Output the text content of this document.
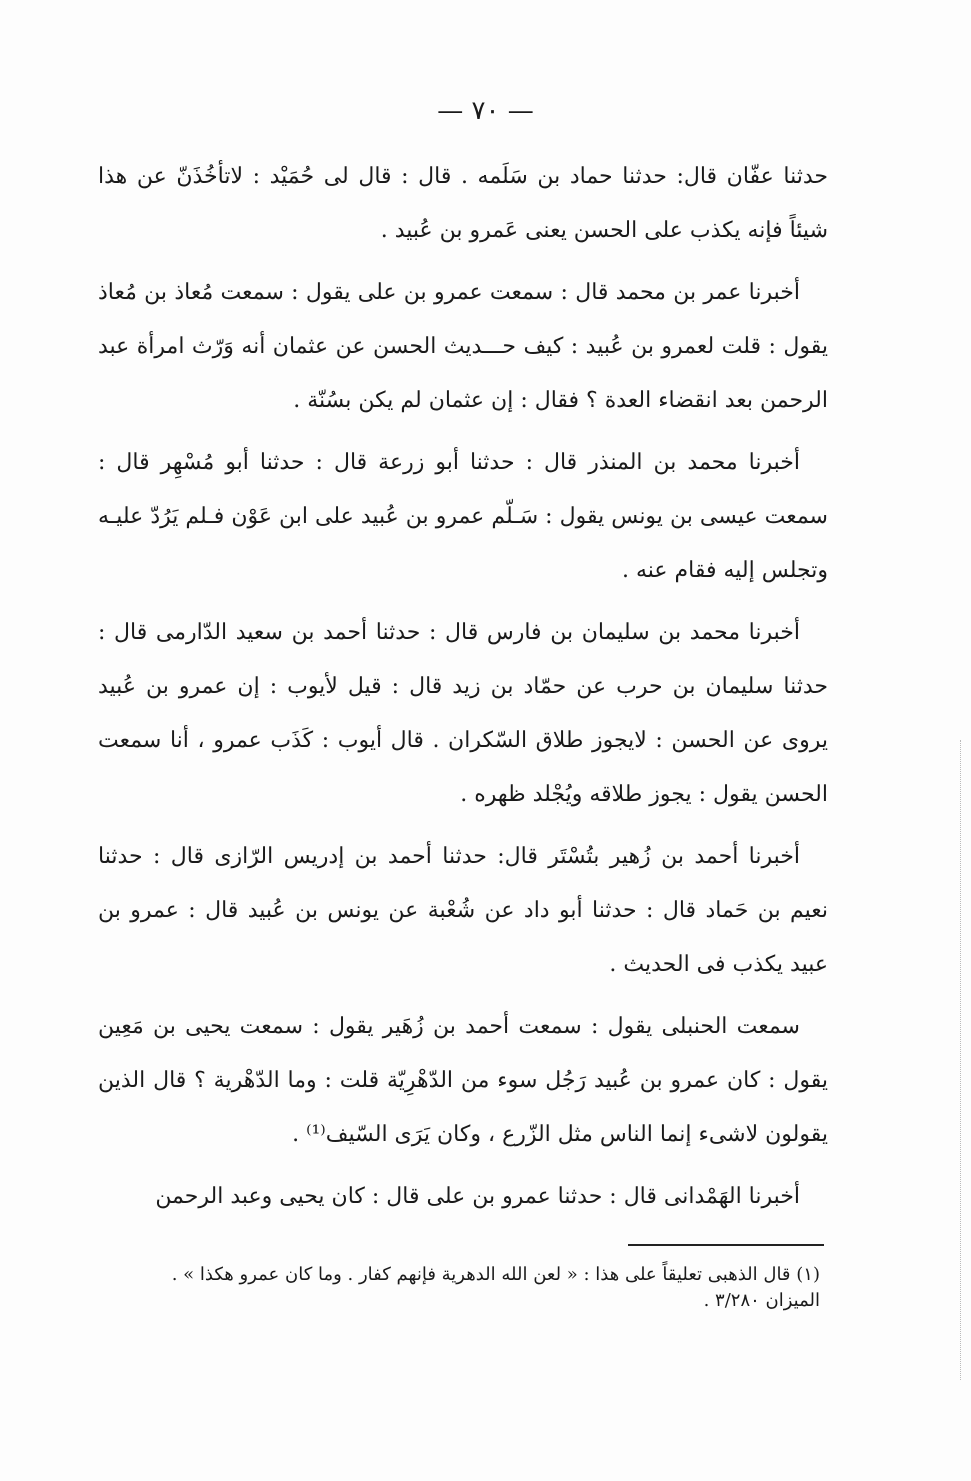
— ٧٠ —

حدثنا عفّان قال: حدثنا حماد بن سَلَمه . قال : قال لى حُمَيْد : لاتأخُذَنّ عن هذا شيئاً فإنه يكذب على الحسن يعنى عَمرو بن عُبيد .

أخبرنا عمر بن محمد قال : سمعت عمرو بن على يقول : سمعت مُعاذ بن مُعاذ يقول : قلت لعمرو بن عُبيد : كيف حـــديث الحسن عن عثمان أنه وَرّث امرأة عبد الرحمن بعد انقضاء العدة ؟ فقال : إن عثمان لم يكن بسُنّة .

أخبرنا محمد بن المنذر قال : حدثنا أبو زرعة قال : حدثنا أبو مُسْهِر قال : سمعت عيسى بن يونس يقول : سَـلّم عمرو بن عُبيد على ابن عَوْن فـلم يَرُدّ عليـه وتجلس إليه فقام عنه .

أخبرنا محمد بن سليمان بن فارس قال : حدثنا أحمد بن سعيد الدّارمى قال : حدثنا سليمان بن حرب عن حمّاد بن زيد قال : قيل لأيوب : إن عمرو بن عُبيد يروى عن الحسن : لايجوز طلاق السّكران . قال أيوب : كَذَب عمرو ، أنا سمعت الحسن يقول : يجوز طلاقه ويُجْلد ظهره .

أخبرنا أحمد بن زُهير بتُسْتَر قال: حدثنا أحمد بن إدريس الرّازى قال : حدثنا نعيم بن حَماد قال : حدثنا أبو داد عن شُعْبة عن يونس بن عُبيد قال : عمرو بن عبيد يكذب فى الحديث .

سمعت الحنبلى يقول : سمعت أحمد بن زُهَير يقول : سمعت يحيى بن مَعِين يقول : كان عمرو بن عُبيد رَجُل سوء من الدّهْرِيّة قلت : وما الدّهْرية ؟ قال الذين يقولون لاشىء إنما الناس مثل الزّرع ، وكان يَرَى السّيف⁽¹⁾ .

أخبرنا الهَمْدانى قال : حدثنا عمرو بن على قال : كان يحيى وعبد الرحمن

(١) قال الذهبى تعليقاً على هذا : « لعن الله الدهرية فإنهم كفار . وما كان عمرو هكذا » .

الميزان ٣/٢٨٠ .
